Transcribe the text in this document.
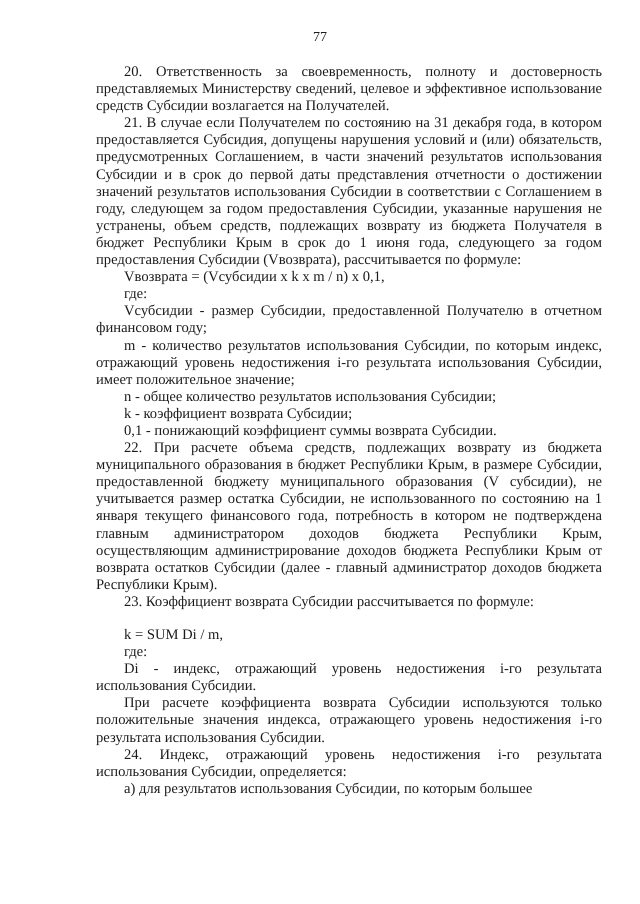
77

20. Ответственность за своевременность, полноту и достоверность представляемых Министерству сведений, целевое и эффективное использование средств Субсидии возлагается на Получателей.

21. В случае если Получателем по состоянию на 31 декабря года, в котором предоставляется Субсидия, допущены нарушения условий и (или) обязательств, предусмотренных Соглашением, в части значений результатов использования Субсидии и в срок до первой даты представления отчетности о достижении значений результатов использования Субсидии в соответствии с Соглашением в году, следующем за годом предоставления Субсидии, указанные нарушения не устранены, объем средств, подлежащих возврату из бюджета Получателя в бюджет Республики Крым в срок до 1 июня года, следующего за годом предоставления Субсидии (Vвозврата), рассчитывается по формуле:

Vвозврата = (Vсубсидии х k х m / n) х 0,1,

где:

Vсубсидии - размер Субсидии, предоставленной Получателю в отчетном финансовом году;

m - количество результатов использования Субсидии, по которым индекс, отражающий уровень недостижения i-го результата использования Субсидии, имеет положительное значение;

n - общее количество результатов использования Субсидии;

k - коэффициент возврата Субсидии;

0,1 - понижающий коэффициент суммы возврата Субсидии.

22. При расчете объема средств, подлежащих возврату из бюджета муниципального образования в бюджет Республики Крым, в размере Субсидии, предоставленной бюджету муниципального образования (V субсидии), не учитывается размер остатка Субсидии, не использованного по состоянию на 1 января текущего финансового года, потребность в котором не подтверждена главным администратором доходов бюджета Республики Крым, осуществляющим администрирование доходов бюджета Республики Крым от возврата остатков Субсидии (далее - главный администратор доходов бюджета Республики Крым).

23. Коэффициент возврата Субсидии рассчитывается по формуле:

k = SUM Di / m,

где:

Di - индекс, отражающий уровень недостижения i-го результата использования Субсидии.

При расчете коэффициента возврата Субсидии используются только положительные значения индекса, отражающего уровень недостижения i-го результата использования Субсидии.

24. Индекс, отражающий уровень недостижения i-го результата использования Субсидии, определяется:

а) для результатов использования Субсидии, по которым большее
